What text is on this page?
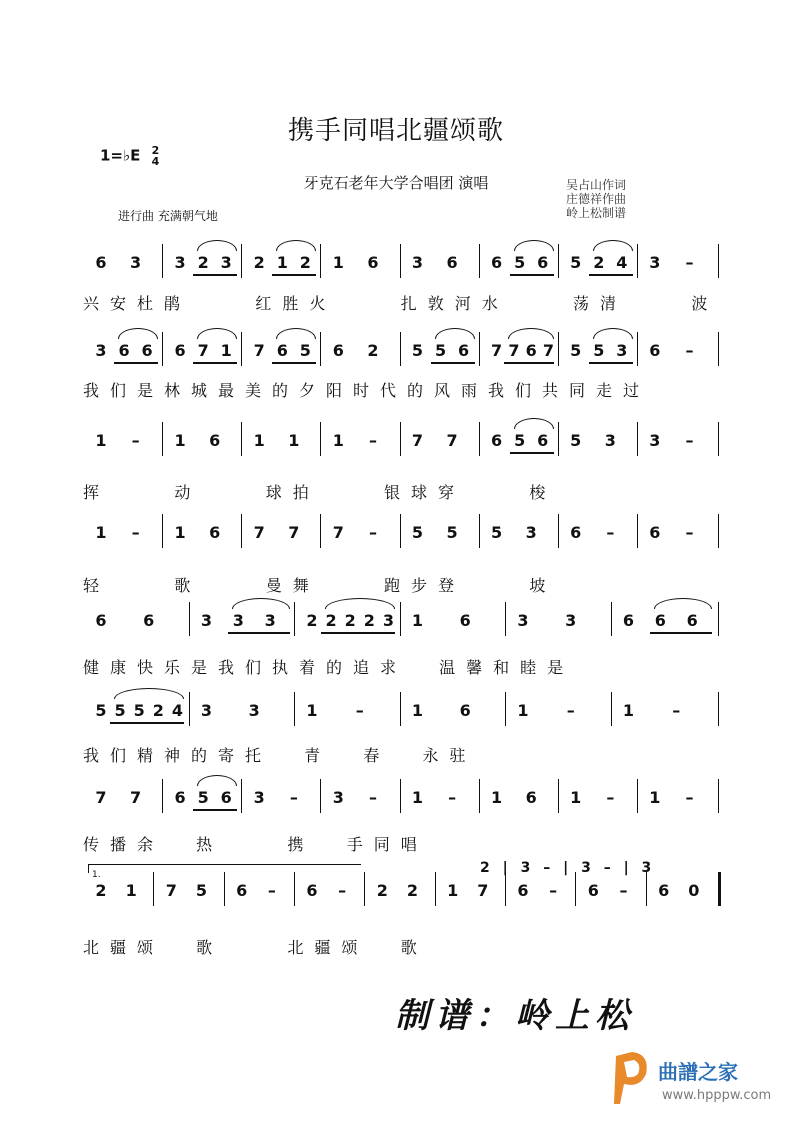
携手同唱北疆颂歌
1=♭E 2
4
牙克石老年大学合唱团 演唱	吴占山作词
庄德祥作曲
岭上松制谱
进行曲 充满朝气地
6 3 3 2 3 2 1 2 1 6 3 6 6 5 6 5 2 4 3	–
兴安杜鹃    红胜火    扎敦河水    荡清    波
3 6 6 6 7 1 7 6 5 6 2 5 5 6 7 7 6 7 5 5 3 6	–
我们是林城最美的夕阳时代的风雨我们共同走过
1	–	1 6 1 1 1	–	7 7 6 5 6 5 3 3	–
挥    动    球拍    银球穿    梭
1	–	1 6 7 7 7	–	5 5 5 3 6	–	6	–
轻    歌    曼舞    跑步登    坡
6 6	3 3 3 2 2 2 2 3 1 6	3 3	6 6 6
健康快乐是我们执着的追求  温馨和睦是
5 5 5 2 4 3 3	1	–	1 6	1	–	1	–
我们精神的寄托  青  春  永驻
7 7 6 5 6 3	–	3	–	1	–	1 6 1	–	1	–
传播余  热    携  手同唱
2 1 7 5 6	–	6	–	2 2 1 7 6	–	6	–	6 0
北疆颂  歌    北疆颂  歌
1.	2 | 3 – | 3 – | 3
制谱：岭上松
曲譜之家
www.hpppw.com
